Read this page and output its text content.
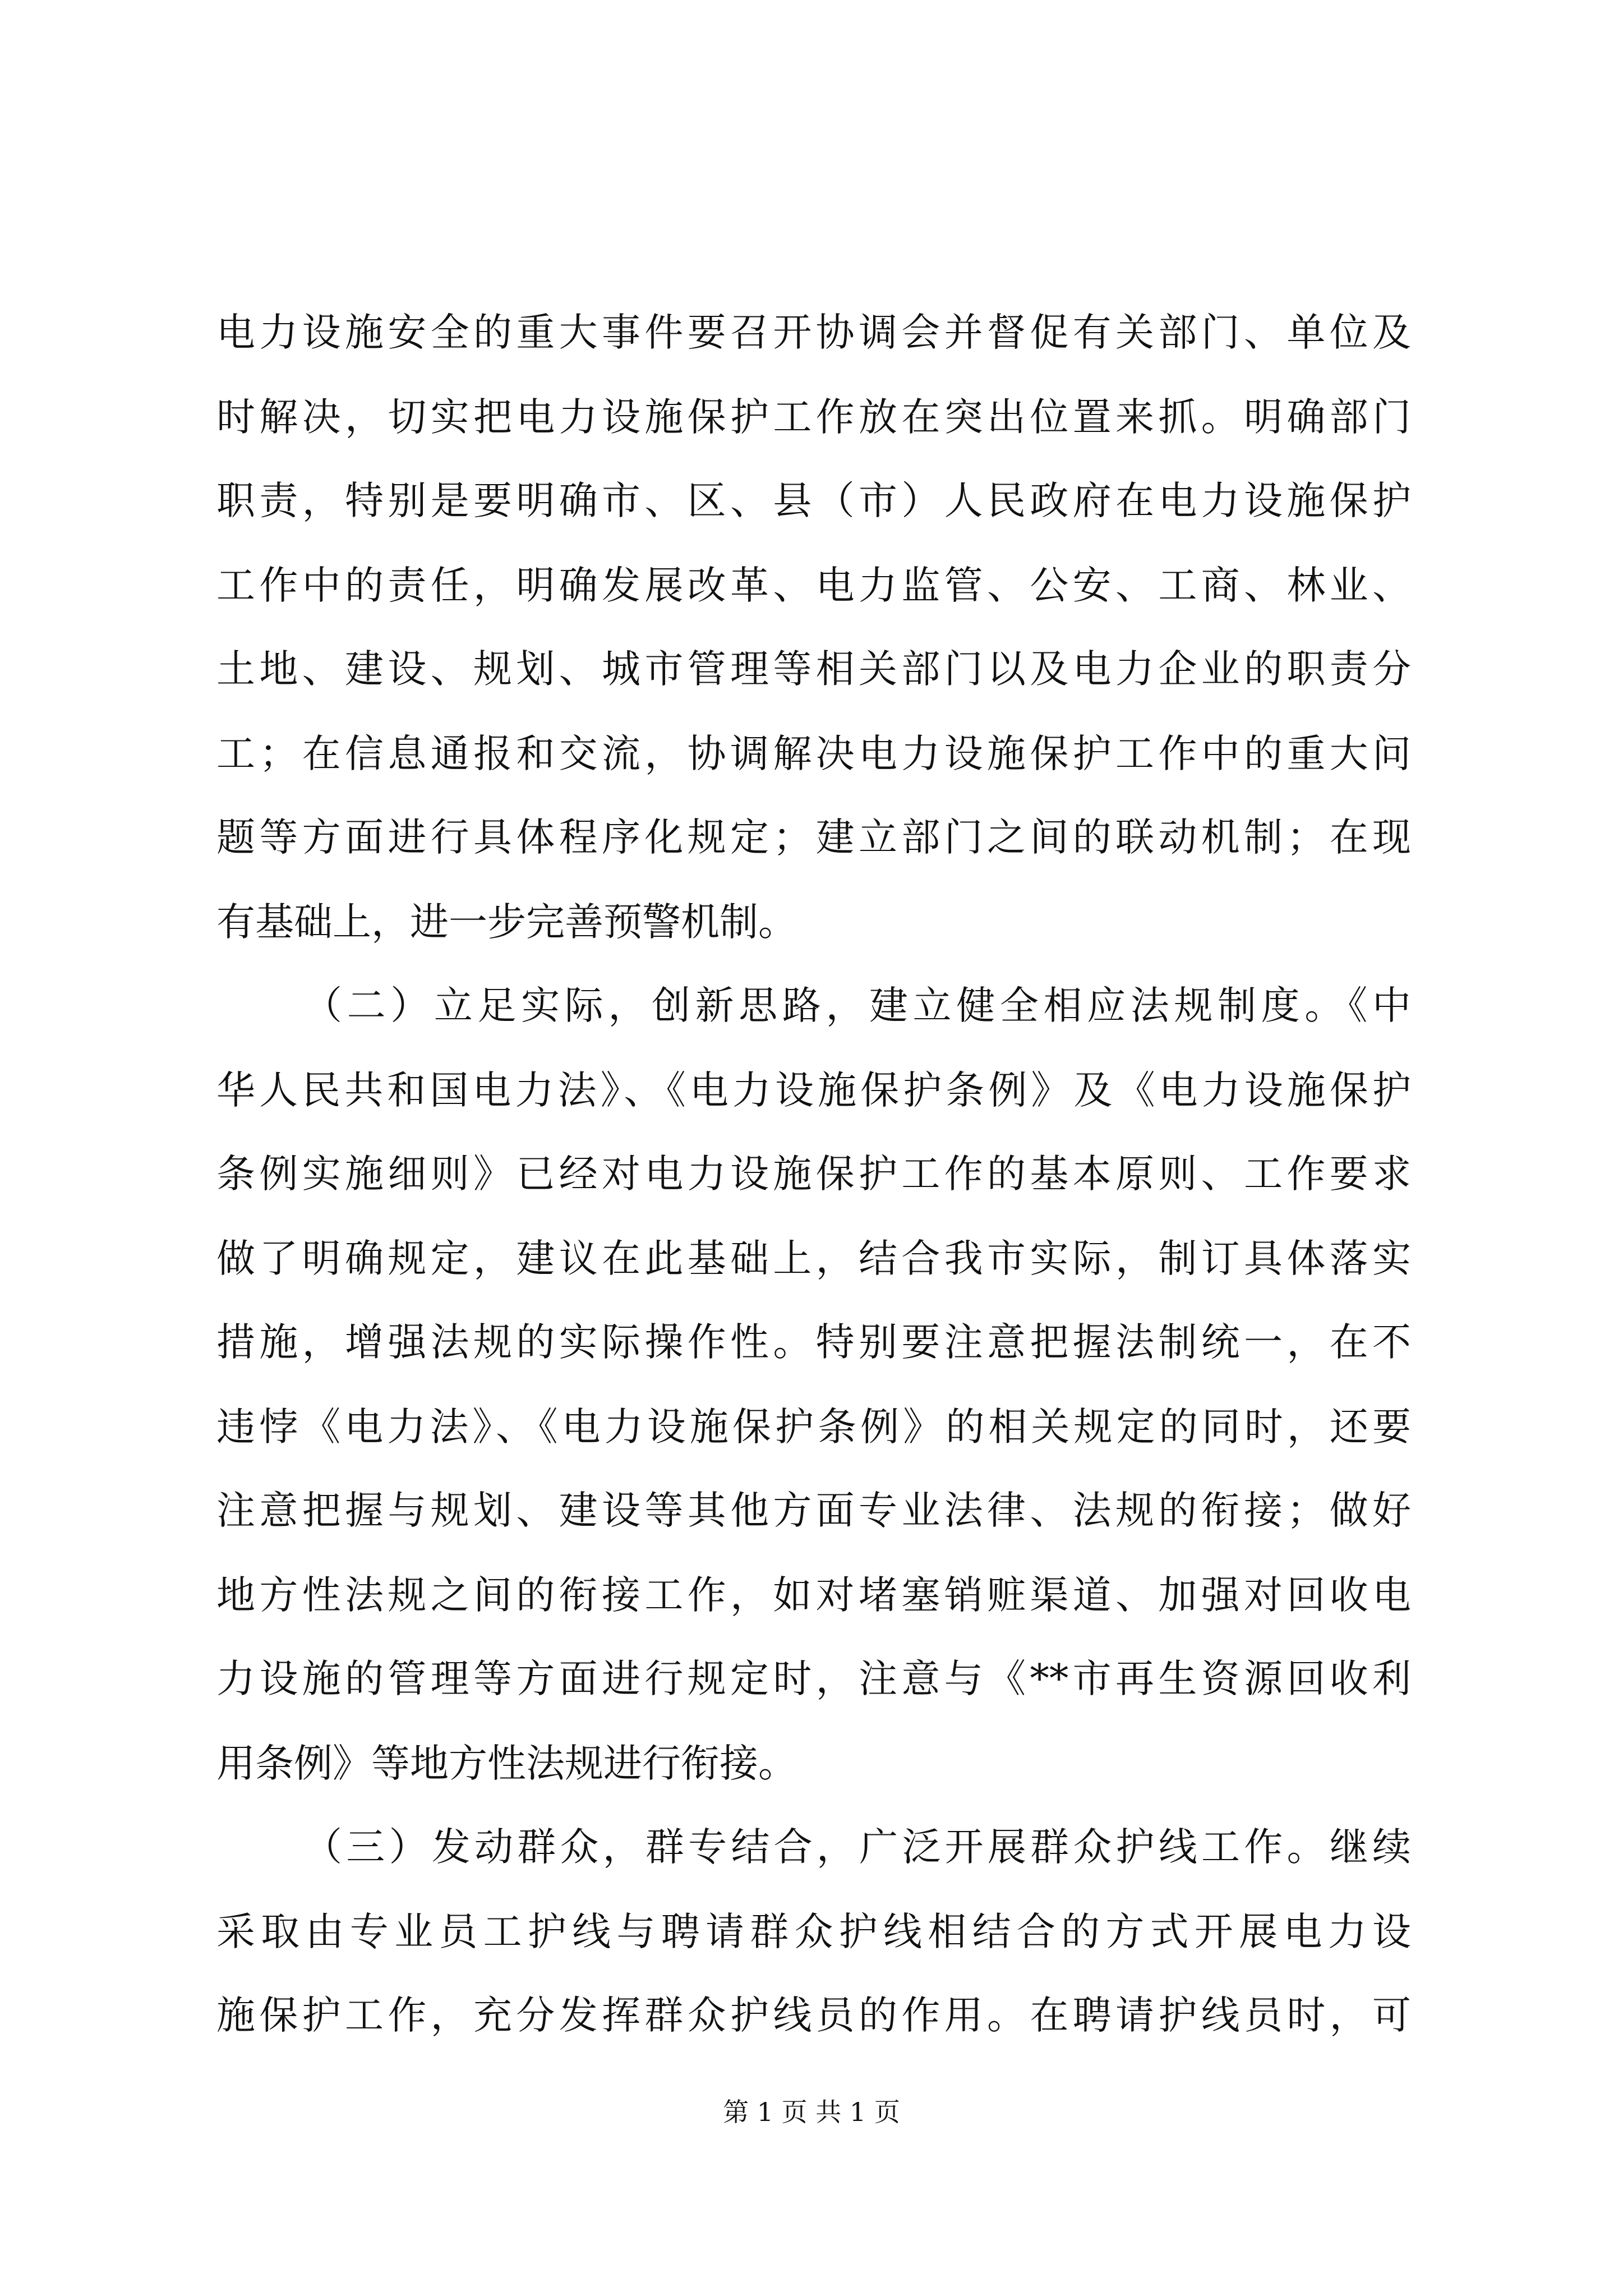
电力设施安全的重大事件要召开协调会并督促有关部门、单位及
时解决，切实把电力设施保护工作放在突出位置来抓。明确部门
职责，特别是要明确市、区、县（市）人民政府在电力设施保护
工作中的责任，明确发展改革、电力监管、公安、工商、林业、
土地、建设、规划、城市管理等相关部门以及电力企业的职责分
工；在信息通报和交流，协调解决电力设施保护工作中的重大问
题等方面进行具体程序化规定；建立部门之间的联动机制；在现
有基础上，进一步完善预警机制。
（二）立足实际，创新思路，建立健全相应法规制度。《中
华人民共和国电力法》、《电力设施保护条例》及《电力设施保护
条例实施细则》已经对电力设施保护工作的基本原则、工作要求
做了明确规定，建议在此基础上，结合我市实际，制订具体落实
措施，增强法规的实际操作性。特别要注意把握法制统一，在不
违悖《电力法》、《电力设施保护条例》的相关规定的同时，还要
注意把握与规划、建设等其他方面专业法律、法规的衔接；做好
地方性法规之间的衔接工作，如对堵塞销赃渠道、加强对回收电
力设施的管理等方面进行规定时，注意与《**市再生资源回收利
用条例》等地方性法规进行衔接。
（三）发动群众，群专结合，广泛开展群众护线工作。继续
采取由专业员工护线与聘请群众护线相结合的方式开展电力设
施保护工作，充分发挥群众护线员的作用。在聘请护线员时，可
第 1 页 共 1 页
